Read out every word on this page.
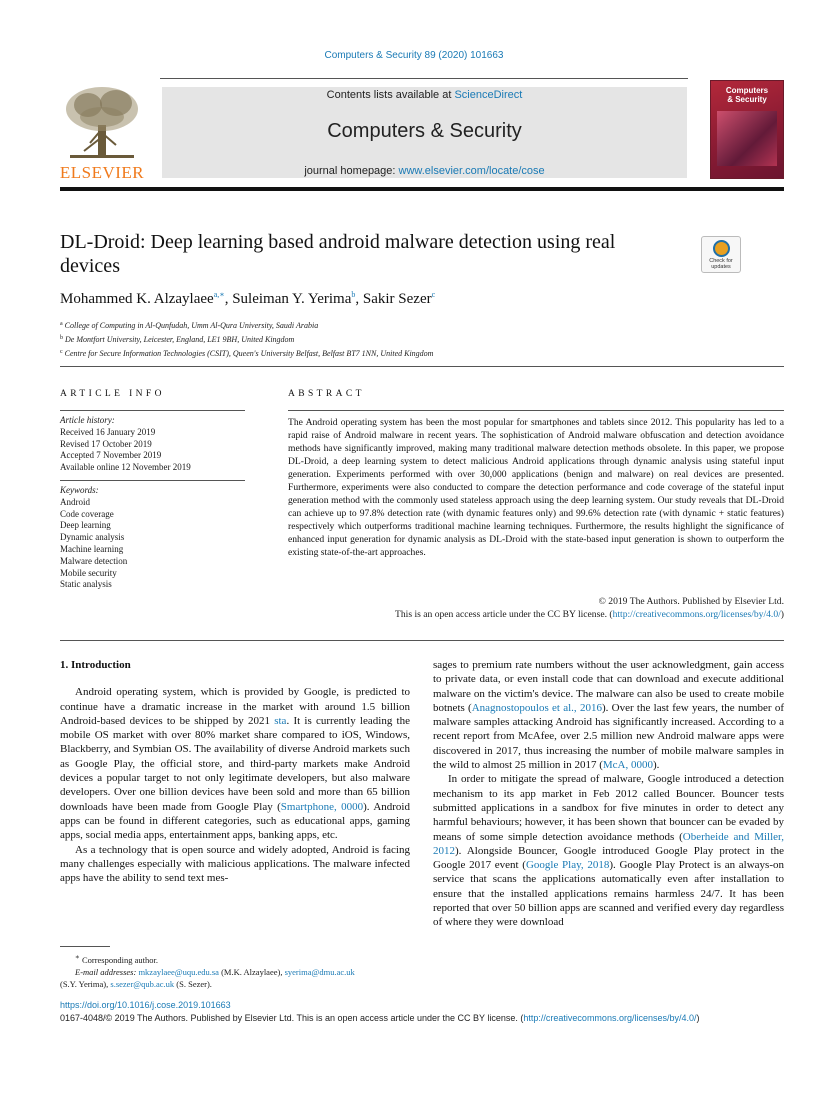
Computers & Security 89 (2020) 101663
ELSEVIER
Contents lists available at ScienceDirect
Computers & Security
journal homepage: www.elsevier.com/locate/cose
Computers
& Security
DL-Droid: Deep learning based android malware detection using real devices	Check for updates
Mohammed K. Alzaylaee$^{a,∗}$, Suleiman Y. Yerima$^b$, Sakir Sezer$^c$
$^a$ College of Computing in Al-Qunfudah, Umm Al-Qura University, Saudi Arabia
$^b$ De Montfort University, Leicester, England, LE1 9BH, United Kingdom
$^c$ Centre for Secure Information Technologies (CSIT), Queen's University Belfast, Belfast BT7 1NN, United Kingdom
ARTICLE INFO	ABSTRACT
Article history:
Received 16 January 2019
Revised 17 October 2019
Accepted 7 November 2019
Available online 12 November 2019
Keywords:
Android
Code coverage
Deep learning
Dynamic analysis
Machine learning
Malware detection
Mobile security
Static analysis
The Android operating system has been the most popular for smartphones and tablets since 2012. This popularity has led to a rapid raise of Android malware in recent years. The sophistication of Android malware obfuscation and detection avoidance methods have significantly improved, making many traditional malware detection methods obsolete. In this paper, we propose DL-Droid, a deep learning system to detect malicious Android applications through dynamic analysis using stateful input generation. Experiments performed with over 30,000 applications (benign and malware) on real devices are presented. Furthermore, experiments were also conducted to compare the detection performance and code coverage of the stateful input generation method with the commonly used stateless approach using the deep learning system. Our study reveals that DL-Droid can achieve up to 97.8% detection rate (with dynamic features only) and 99.6% detection rate (with dynamic + static features) respectively which outperforms traditional machine learning techniques. Furthermore, the results highlight the significance of enhanced input generation for dynamic analysis as DL-Droid with the state-based input generation is shown to outperform the existing state-of-the-art approaches.
© 2019 The Authors. Published by Elsevier Ltd.
This is an open access article under the CC BY license. (http://creativecommons.org/licenses/by/4.0/)
1. Introduction

Android operating system, which is provided by Google, is predicted to continue have a dramatic increase in the market with around 1.5 billion Android-based devices to be shipped by 2021 sta. It is currently leading the mobile OS market with over 80% market share compared to iOS, Windows, Blackberry, and Symbian OS. The availability of diverse Android markets such as Google Play, the official store, and third-party markets make Android devices a popular target to not only legitimate developers, but also malware developers. Over one billion devices have been sold and more than 65 billion downloads have been made from Google Play (Smartphone, 0000). Android apps can be found in different categories, such as educational apps, gaming apps, social media apps, entertainment apps, banking apps, etc.

As a technology that is open source and widely adopted, Android is facing many challenges especially with malicious applications. The malware infected apps have the ability to send text mes-

sages to premium rate numbers without the user acknowledgment, gain access to private data, or even install code that can download and execute additional malware on the victim's device. The malware can also be used to create mobile botnets (Anagnostopoulos et al., 2016). Over the last few years, the number of malware samples attacking Android has significantly increased. According to a recent report from McAfee, over 2.5 million new Android malware apps were discovered in 2017, thus increasing the number of mobile malware samples in the wild to almost 25 million in 2017 (McA, 0000).

In order to mitigate the spread of malware, Google introduced a detection mechanism to its app market in Feb 2012 called Bouncer. Bouncer tests submitted applications in a sandbox for five minutes in order to detect any harmful behaviours; however, it has been shown that bouncer can be evaded by means of some simple detection avoidance methods (Oberheide and Miller, 2012). Alongside Bouncer, Google introduced Google Play protect in the Google 2017 event (Google Play, 2018). Google Play Protect is an always-on service that scans the applications automatically even after installation to ensure that the installed applications remains harmless 24/7. It has been reported that over 50 billion apps are scanned and verified every day regardless of where they were download

∗ Corresponding author.

E-mail addresses: mkzaylaee@uqu.edu.sa (M.K. Alzaylaee), syerima@dmu.ac.uk

(S.Y. Yerima), s.sezer@qub.ac.uk (S. Sezer).

https://doi.org/10.1016/j.cose.2019.101663
0167-4048/© 2019 The Authors. Published by Elsevier Ltd. This is an open access article under the CC BY license. (http://creativecommons.org/licenses/by/4.0/)
